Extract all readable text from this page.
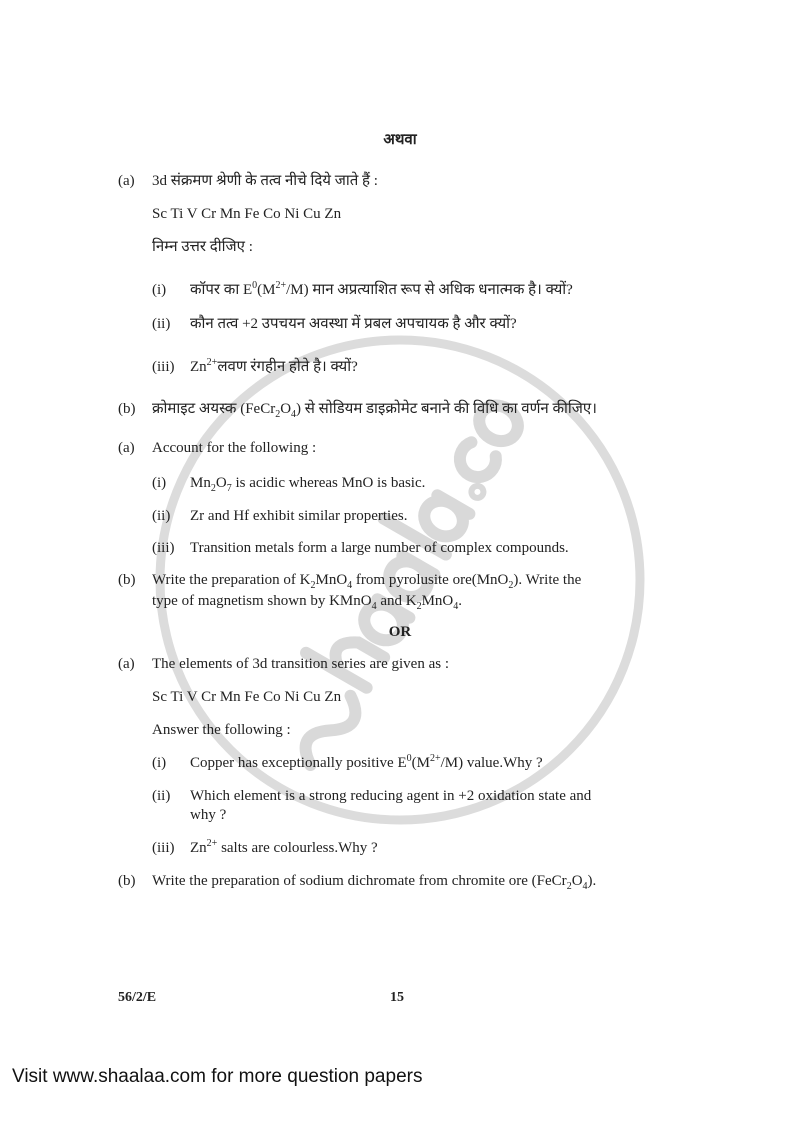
अथवा
(a) 3d संक्रमण श्रेणी के तत्व नीचे दिये जाते हैं :
Sc Ti V Cr Mn Fe Co Ni Cu Zn
निम्न उत्तर दीजिए :
(i) कॉपर का $E^0(M^{2+}/M)$ मान अप्रत्याशित रूप से अधिक धनात्मक है। क्यों?
(ii) कौन तत्व +2 उपचयन अवस्था में प्रबल अपचायक है और क्यों?
(iii) $Zn^{2+}लवण$ रंगहीन होते है। क्यों?
(b) क्रोमाइट अयस्क $(FeCr_2O_4)$ से सोडियम डाइक्रोमेट बनाने की विधि का वर्णन कीजिए।
(a) Account for the following :
(i) $Mn_2O_7$ is acidic whereas MnO is basic.
(ii) Zr and Hf exhibit similar properties.
(iii) Transition metals form a large number of complex compounds.
(b) Write the preparation of $K_2MnO_4$ from pyrolusite ore(MnO$_2$). Write the
type of magnetism shown by KMnO$_4$ and $K_2MnO_4$.
OR
(a) The elements of 3d transition series are given as :
Sc Ti V Cr Mn Fe Co Ni Cu Zn
Answer the following :
(i) Copper has exceptionally positive $E^0(M^{2+}/M)$ value.Why ?
(ii) Which element is a strong reducing agent in +2 oxidation state and
why ?
(iii) $Zn^{2+}$ salts are colourless.Why ?
(b) Write the preparation of sodium dichromate from chromite ore $(FeCr_2O_4)$.
56/2/E	15
Visit www.shaalaa.com for more question papers
